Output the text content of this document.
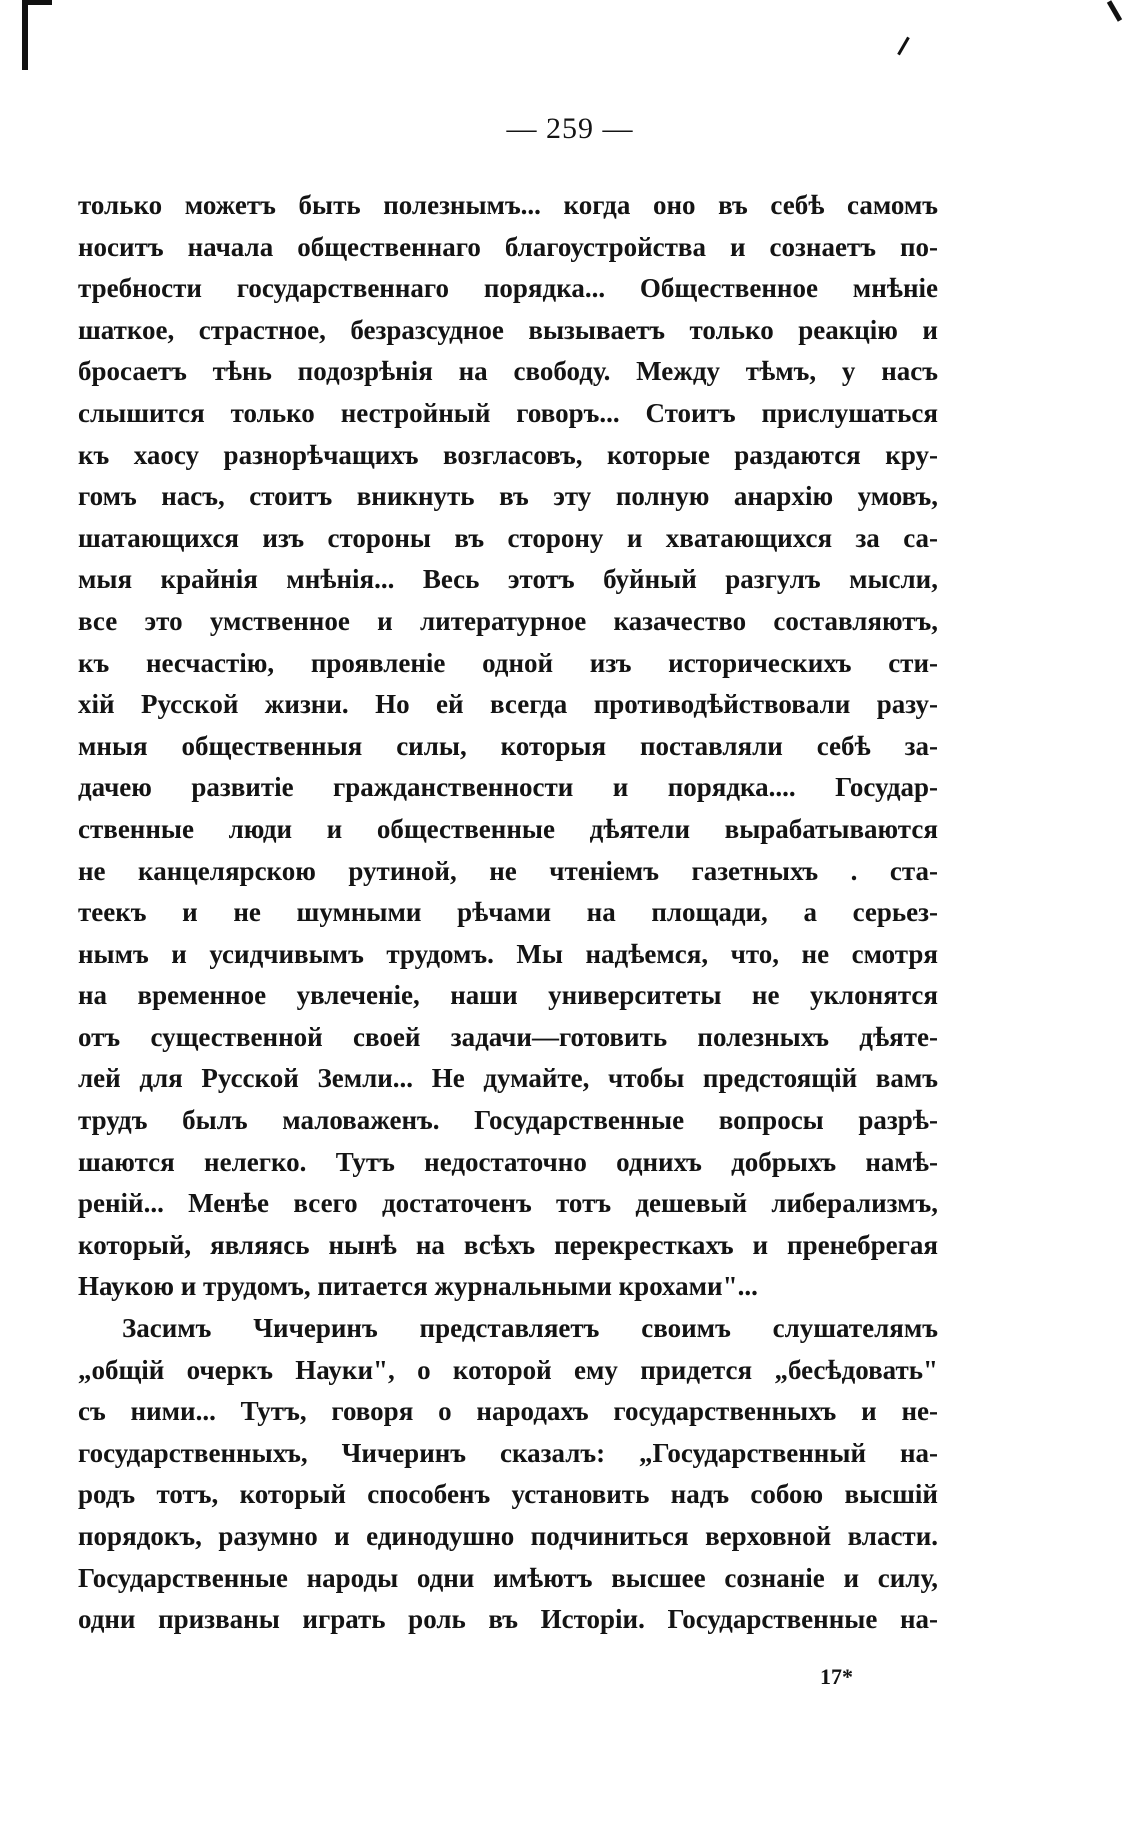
— 259 —
только можетъ быть полезнымъ... когда оно въ себѣ самомъ
носитъ начала общественнаго благоустройства и сознаетъ по-
требности государственнаго порядка... Общественное мнѣніе
шаткое, страстное, безразсудное вызываетъ только реакцію и
бросаетъ тѣнь подозрѣнія на свободу. Между тѣмъ, у насъ
слышится только нестройный говоръ... Стоитъ прислушаться
къ хаосу разнорѣчащихъ возгласовъ, которые раздаются кру-
гомъ насъ, стоитъ вникнуть въ эту полную анархію умовъ,
шатающихся изъ стороны въ сторону и хватающихся за са-
мыя крайнія мнѣнія... Весь этотъ буйный разгулъ мысли,
все это умственное и литературное казачество составляютъ,
къ несчастію, проявленіе одной изъ историческихъ сти-
хій Русской жизни. Но ей всегда противодѣйствовали разу-
мныя общественныя силы, которыя поставляли себѣ за-
дачею развитіе гражданственности и порядка.... Государ-
ственные люди и общественные дѣятели вырабатываются
не канцелярскою рутиной, не чтеніемъ газетныхъ . ста-
теекъ и не шумными рѣчами на площади, а серьез-
нымъ и усидчивымъ трудомъ. Мы надѣемся, что, не смотря
на временное увлеченіе, наши университеты не уклонятся
отъ существенной своей задачи—готовить полезныхъ дѣяте-
лей для Русской Земли... Не думайте, чтобы предстоящій вамъ
трудъ былъ маловаженъ. Государственные вопросы разрѣ-
шаются нелегко. Тутъ недостаточно однихъ добрыхъ намѣ-
реній... Менѣе всего достаточенъ тотъ дешевый либерализмъ,
который, являясь нынѣ на всѣхъ перекресткахъ и пренебрегая
Наукою и трудомъ, питается журнальными крохами"...
Засимъ Чичеринъ представляетъ своимъ слушателямъ
„общій очеркъ Науки", о которой ему придется „бесѣдовать"
съ ними... Тутъ, говоря о народахъ государственныхъ и не-
государственныхъ, Чичеринъ сказалъ: „Государственный на-
родъ тотъ, который способенъ установить надъ собою высшій
порядокъ, разумно и единодушно подчиниться верховной власти.
Государственные народы одни имѣютъ высшее сознаніе и силу,
одни призваны играть роль въ Исторіи. Государственные на-
17*
